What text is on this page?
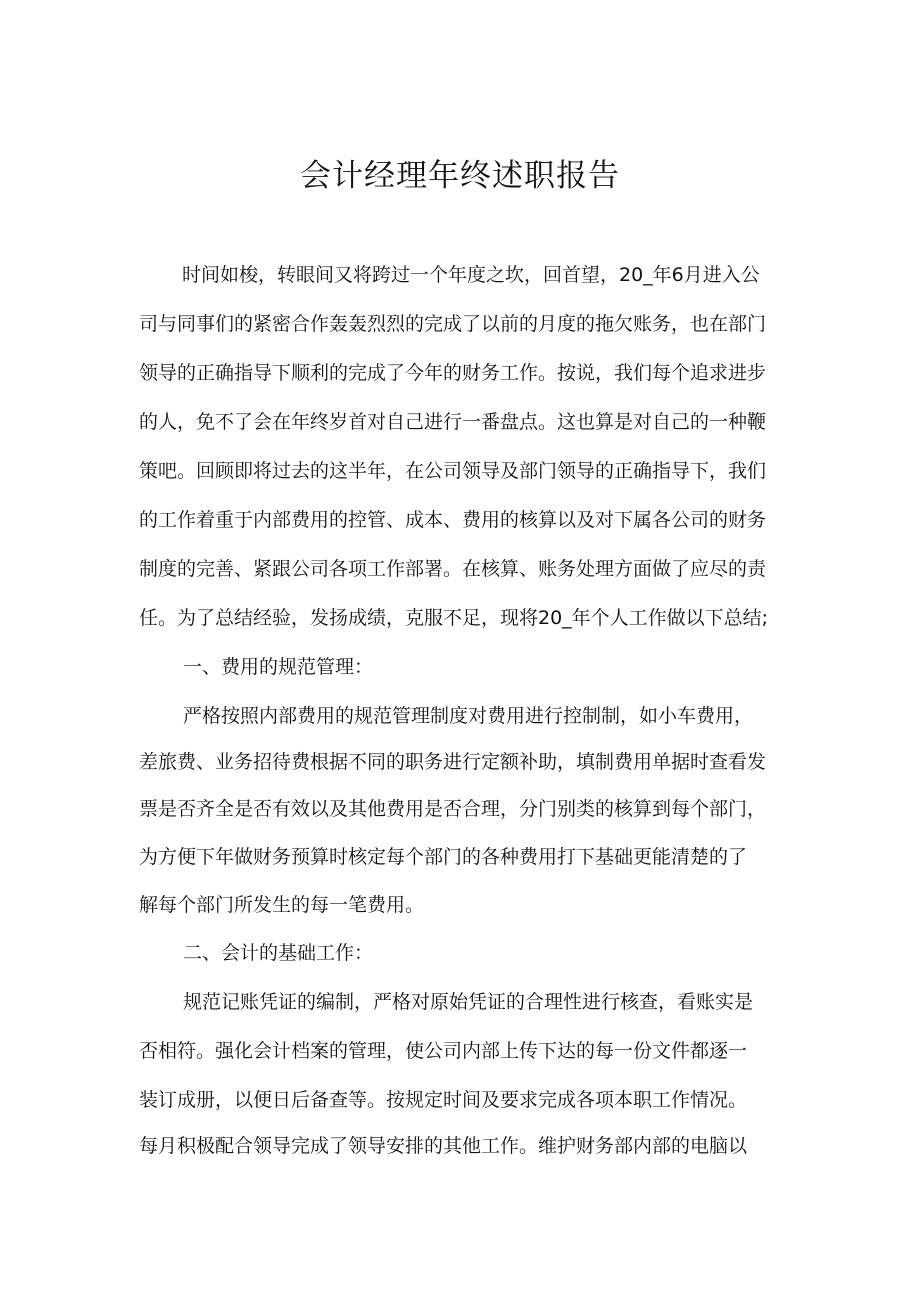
会计经理年终述职报告
时间如梭，转眼间又将跨过一个年度之坎，回首望，20_年6月进入公
司与同事们的紧密合作轰轰烈烈的完成了以前的月度的拖欠账务，也在部门
领导的正确指导下顺利的完成了今年的财务工作。按说，我们每个追求进步
的人，免不了会在年终岁首对自己进行一番盘点。这也算是对自己的一种鞭
策吧。回顾即将过去的这半年，在公司领导及部门领导的正确指导下，我们
的工作着重于内部费用的控管、成本、费用的核算以及对下属各公司的财务
制度的完善、紧跟公司各项工作部署。在核算、账务处理方面做了应尽的责
任。为了总结经验，发扬成绩，克服不足，现将20_年个人工作做以下总结;
一、费用的规范管理：
严格按照内部费用的规范管理制度对费用进行控制制，如小车费用，
差旅费、业务招待费根据不同的职务进行定额补助，填制费用单据时查看发
票是否齐全是否有效以及其他费用是否合理，分门别类的核算到每个部门，
为方便下年做财务预算时核定每个部门的各种费用打下基础更能清楚的了
解每个部门所发生的每一笔费用。
二、会计的基础工作：
规范记账凭证的编制，严格对原始凭证的合理性进行核查，看账实是
否相符。强化会计档案的管理，使公司内部上传下达的每一份文件都逐一
装订成册，以便日后备查等。按规定时间及要求完成各项本职工作情况。
每月积极配合领导完成了领导安排的其他工作。维护财务部内部的电脑以
